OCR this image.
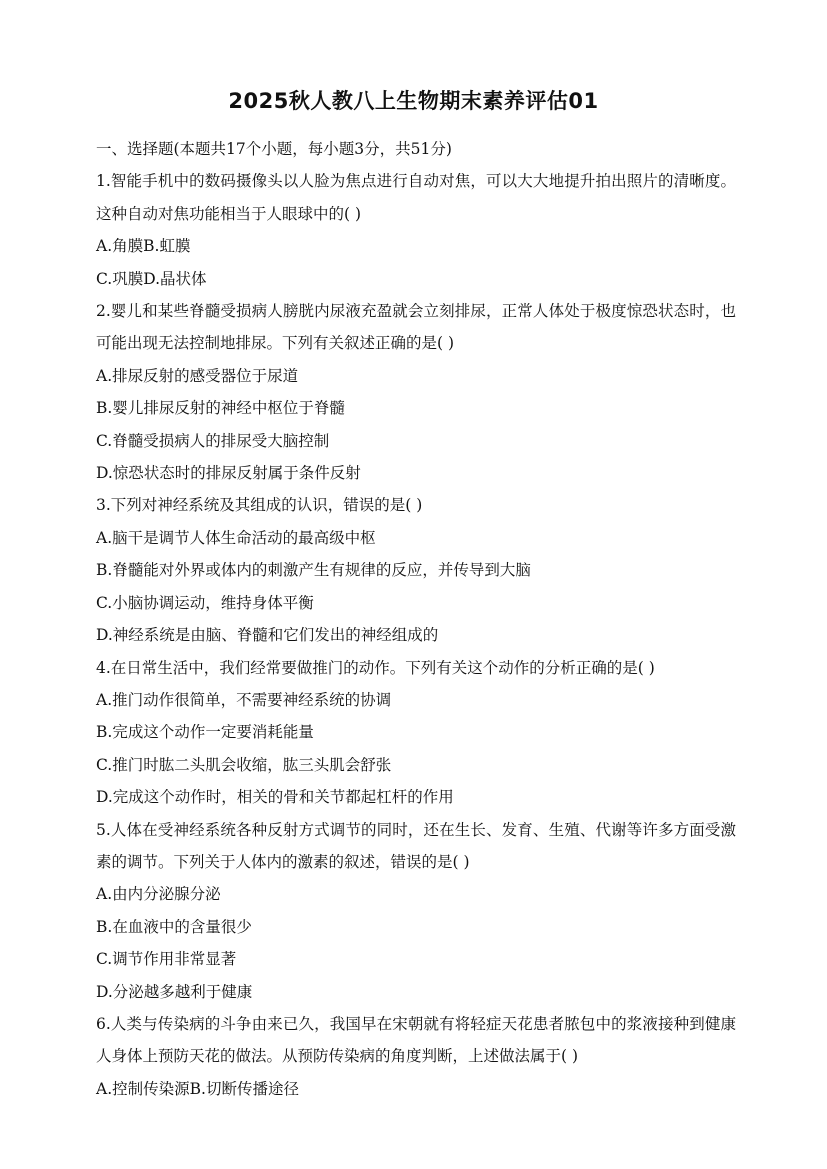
2025秋人教八上生物期末素养评估01
一、选择题(本题共17个小题，每小题3分，共51分)
1.智能手机中的数码摄像头以人脸为焦点进行自动对焦，可以大大地提升拍出照片的清晰度。这种自动对焦功能相当于人眼球中的( )
A.角膜B.虹膜
C.巩膜D.晶状体
2.婴儿和某些脊髓受损病人膀胱内尿液充盈就会立刻排尿，正常人体处于极度惊恐状态时，也可能出现无法控制地排尿。下列有关叙述正确的是( )
A.排尿反射的感受器位于尿道
B.婴儿排尿反射的神经中枢位于脊髓
C.脊髓受损病人的排尿受大脑控制
D.惊恐状态时的排尿反射属于条件反射
3.下列对神经系统及其组成的认识，错误的是( )
A.脑干是调节人体生命活动的最高级中枢
B.脊髓能对外界或体内的刺激产生有规律的反应，并传导到大脑
C.小脑协调运动，维持身体平衡
D.神经系统是由脑、脊髓和它们发出的神经组成的
4.在日常生活中，我们经常要做推门的动作。下列有关这个动作的分析正确的是( )
A.推门动作很简单，不需要神经系统的协调
B.完成这个动作一定要消耗能量
C.推门时肱二头肌会收缩，肱三头肌会舒张
D.完成这个动作时，相关的骨和关节都起杠杆的作用
5.人体在受神经系统各种反射方式调节的同时，还在生长、发育、生殖、代谢等许多方面受激素的调节。下列关于人体内的激素的叙述，错误的是( )
A.由内分泌腺分泌
B.在血液中的含量很少
C.调节作用非常显著
D.分泌越多越利于健康
6.人类与传染病的斗争由来已久，我国早在宋朝就有将轻症天花患者脓包中的浆液接种到健康人身体上预防天花的做法。从预防传染病的角度判断，上述做法属于( )
A.控制传染源B.切断传播途径
